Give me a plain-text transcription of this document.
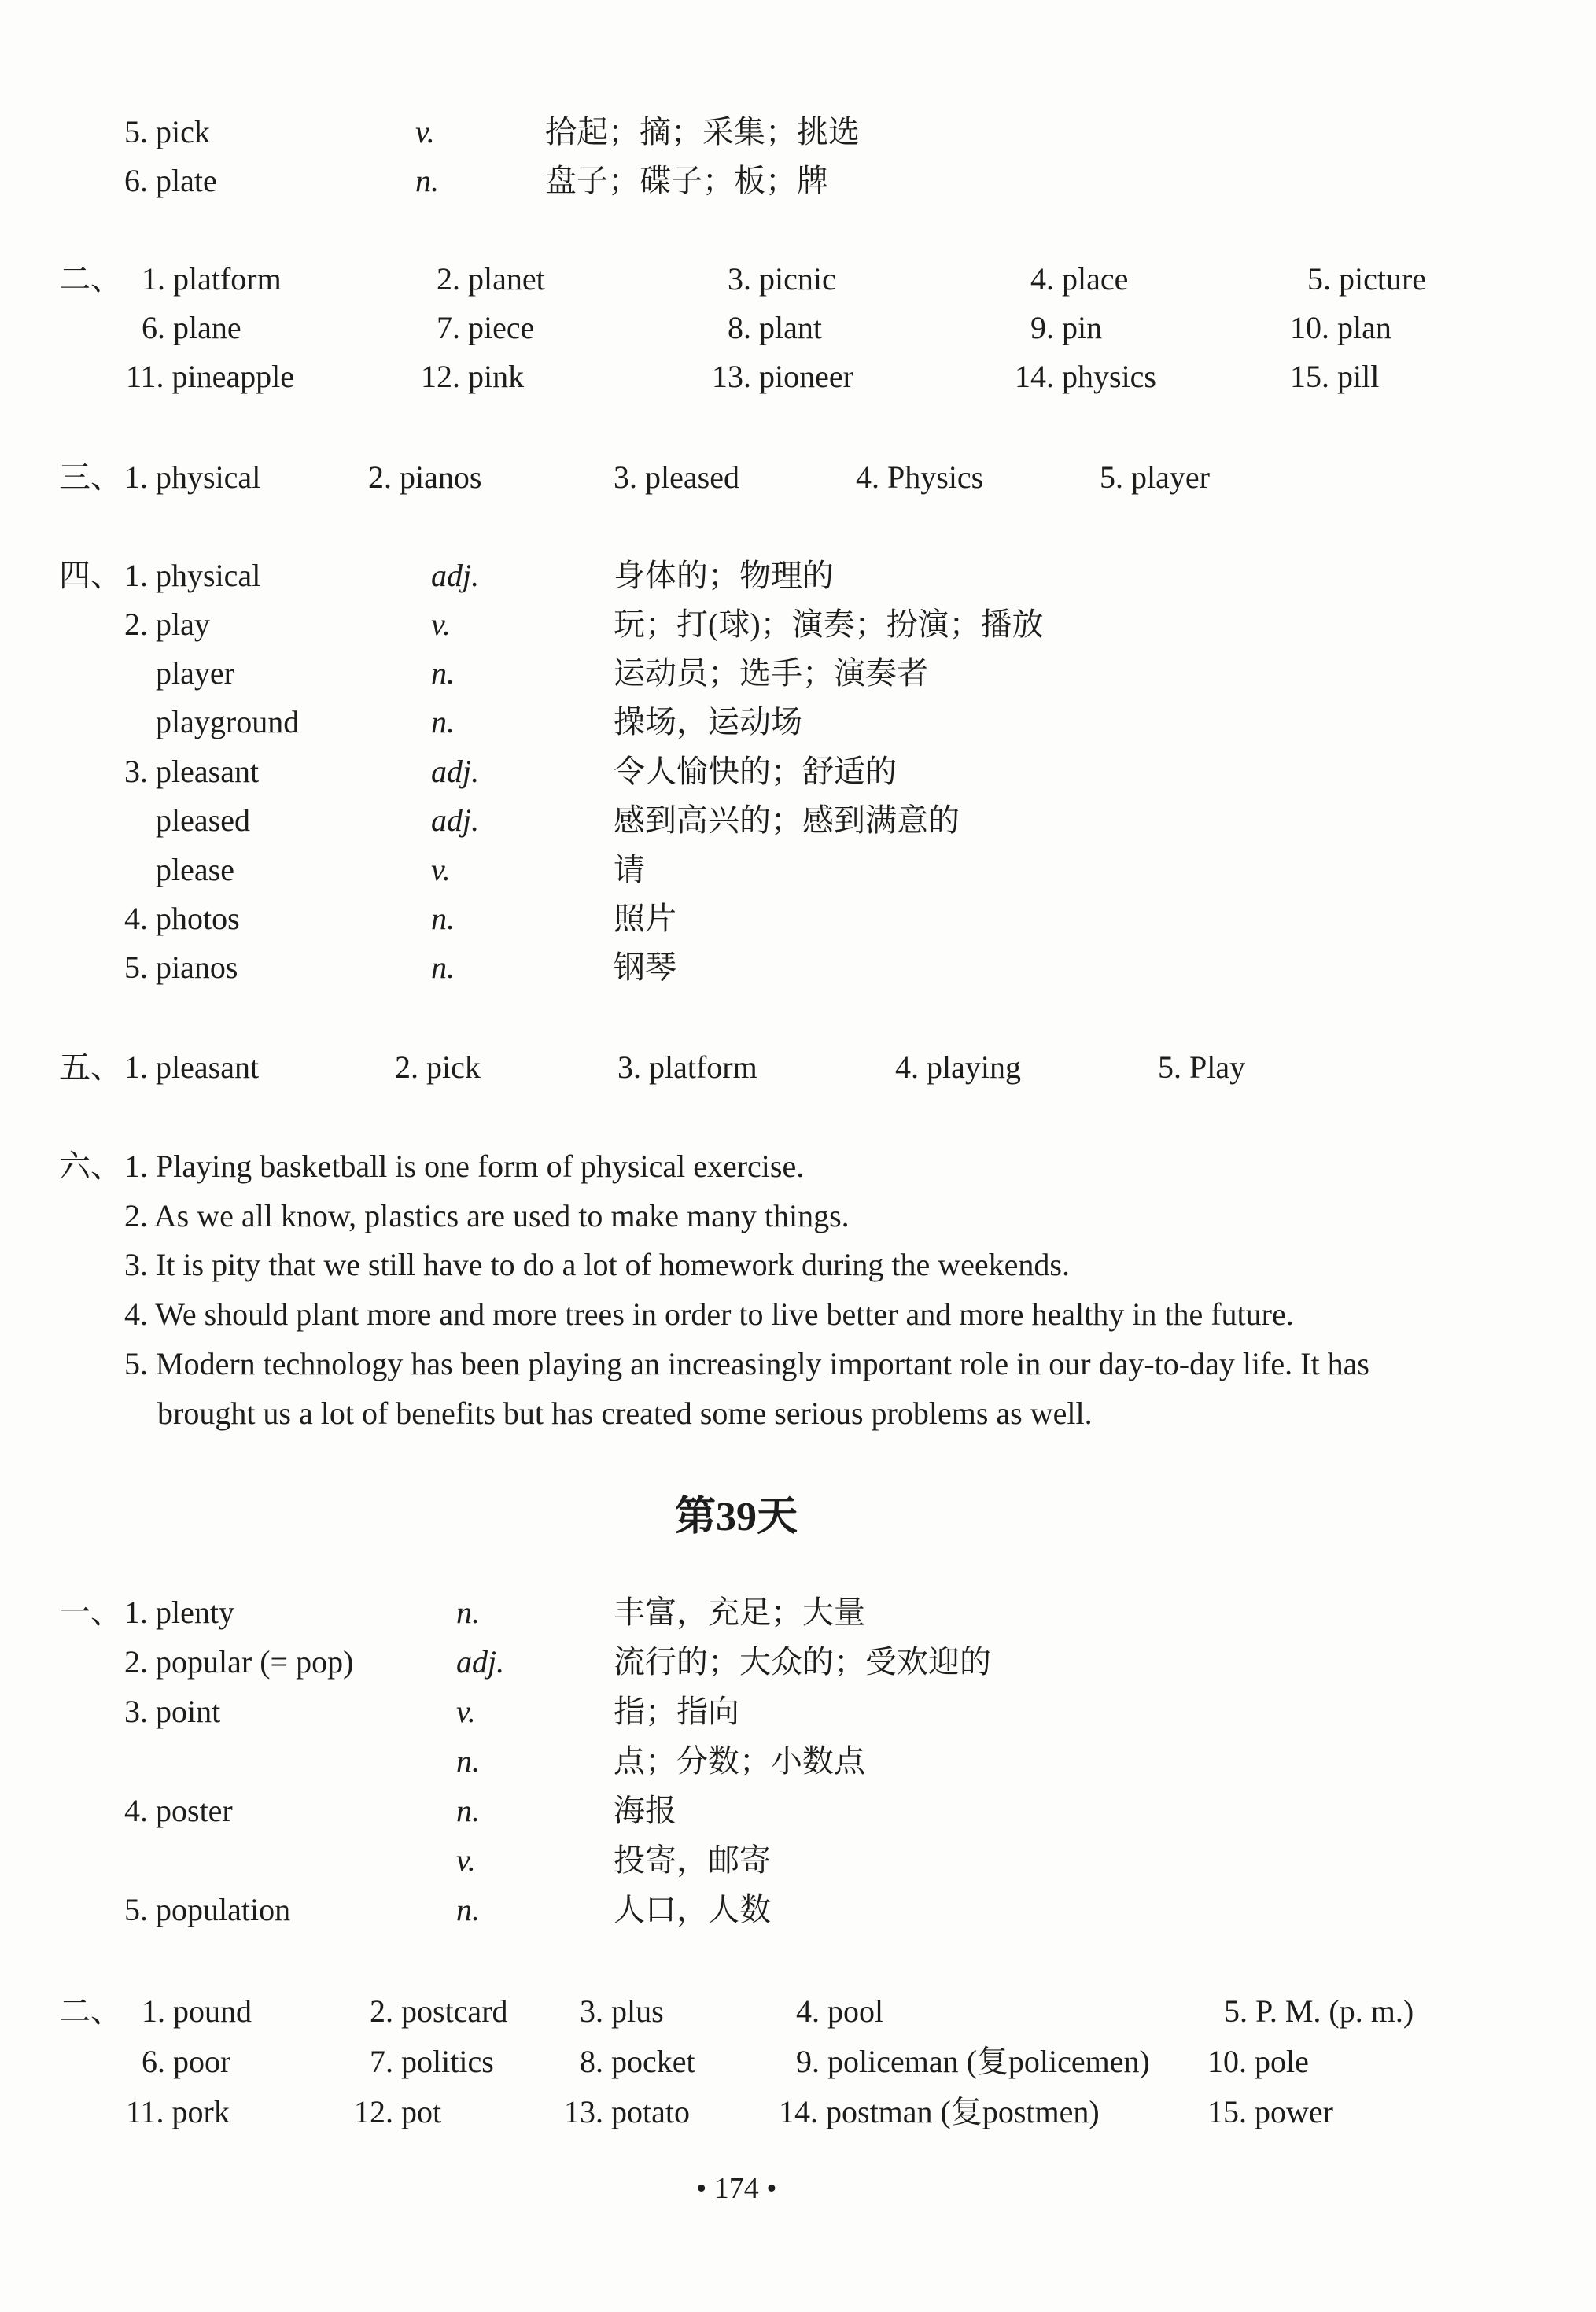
5. pick	v.	拾起；摘；采集；挑选
6. plate	n.	盘子；碟子；板；牌
二、 1. platform	2. planet	3. picnic	4. place	5. picture
6. plane	7. piece	8. plant	9. pin	10. plan
11. pineapple	12. pink	13. pioneer	14. physics	15. pill
三、 1. physical	2. pianos	3. pleased	4. Physics	5. player
四、 1. physical	adj.	身体的；物理的
2. play	v.	玩；打(球)；演奏；扮演；播放
player	n.	运动员；选手；演奏者
playground	n.	操场，运动场
3. pleasant	adj.	令人愉快的；舒适的
pleased	adj.	感到高兴的；感到满意的
please	v.	请
4. photos	n.	照片
5. pianos	n.	钢琴
五、 1. pleasant	2. pick	3. platform	4. playing	5. Play
六、 1. Playing basketball is one form of physical exercise.
2. As we all know, plastics are used to make many things.
3. It is pity that we still have to do a lot of homework during the weekends.
4. We should plant more and more trees in order to live better and more healthy in the future.
5. Modern technology has been playing an increasingly important role in our day-to-day life. It has
brought us a lot of benefits but has created some serious problems as well.
第39天
一、 1. plenty	n.	丰富，充足；大量
2. popular (= pop)	adj.	流行的；大众的；受欢迎的
3. point	v.	指；指向
n.	点；分数；小数点
4. poster	n.	海报
v.	投寄，邮寄
5. population	n.	人口，人数
二、 1. pound	2. postcard 3. plus	4. pool	5. P. M. (p. m.)
6. poor	7. politics	8. pocket	9. policeman (复policemen) 10. pole
11. pork	12. pot	13. potato	14. postman (复postmen)	15. power
• 174 •
